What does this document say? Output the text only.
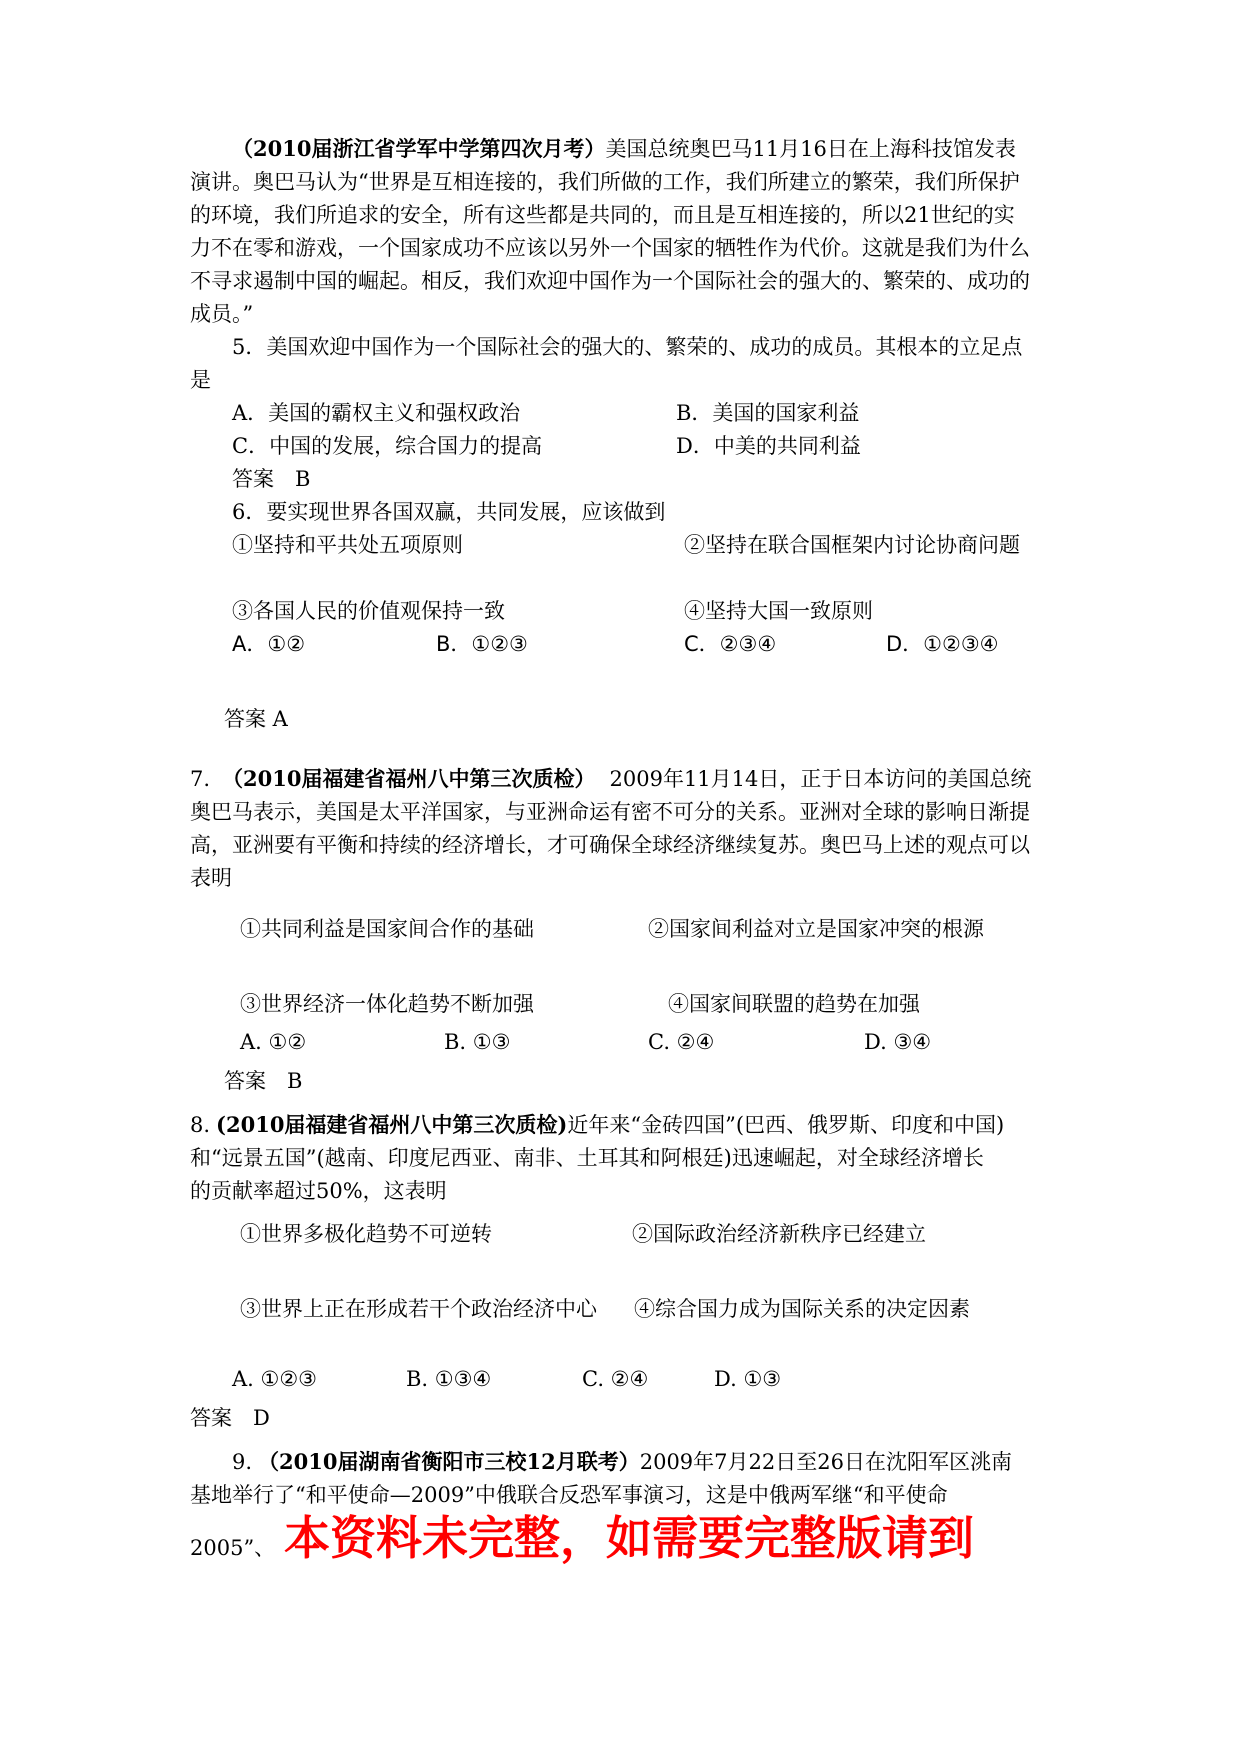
（2010届浙江省学军中学第四次月考）美国总统奥巴马11月16日在上海科技馆发表
演讲。奥巴马认为“世界是互相连接的，我们所做的工作，我们所建立的繁荣，我们所保护
的环境，我们所追求的安全，所有这些都是共同的，而且是互相连接的，所以21世纪的实
力不在零和游戏，一个国家成功不应该以另外一个国家的牺牲作为代价。这就是我们为什么
不寻求遏制中国的崛起。相反，我们欢迎中国作为一个国际社会的强大的、繁荣的、成功的
成员。”
5．美国欢迎中国作为一个国际社会的强大的、繁荣的、成功的成员。其根本的立足点
是
A．美国的霸权主义和强权政治	B．美国的国家利益
C．中国的发展，综合国力的提高	D．中美的共同利益
答案　B
6．要实现世界各国双赢，共同发展，应该做到
①坚持和平共处五项原则	②坚持在联合国框架内讨论协商问题
③各国人民的价值观保持一致	④坚持大国一致原则
A．①②	B．①②③	C．②③④	D．①②③④
答案 A
7. （2010届福建省福州八中第三次质检） 2009年11月14日，正于日本访问的美国总统
奥巴马表示，美国是太平洋国家，与亚洲命运有密不可分的关系。亚洲对全球的影响日渐提
高，亚洲要有平衡和持续的经济增长，才可确保全球经济继续复苏。奥巴马上述的观点可以
表明
①共同利益是国家间合作的基础	②国家间利益对立是国家冲突的根源
③世界经济一体化趋势不断加强	④国家间联盟的趋势在加强
A. ①②	B. ①③	C. ②④	D. ③④
答案　B
8. (2010届福建省福州八中第三次质检)近年来“金砖四国”(巴西、俄罗斯、印度和中国)
和“远景五国”(越南、印度尼西亚、南非、土耳其和阿根廷)迅速崛起，对全球经济增长
的贡献率超过50%，这表明
①世界多极化趋势不可逆转	②国际政治经济新秩序已经建立
③世界上正在形成若干个政治经济中心 ④综合国力成为国际关系的决定因素
A. ①②③	B. ①③④	C. ②④	D. ①③
答案　D
9. （2010届湖南省衡阳市三校12月联考）2009年7月22日至26日在沈阳军区洮南
基地举行了“和平使命—2009”中俄联合反恐军事演习，这是中俄两军继“和平使命
2005”、 本资料未完整，如需要完整版请到
